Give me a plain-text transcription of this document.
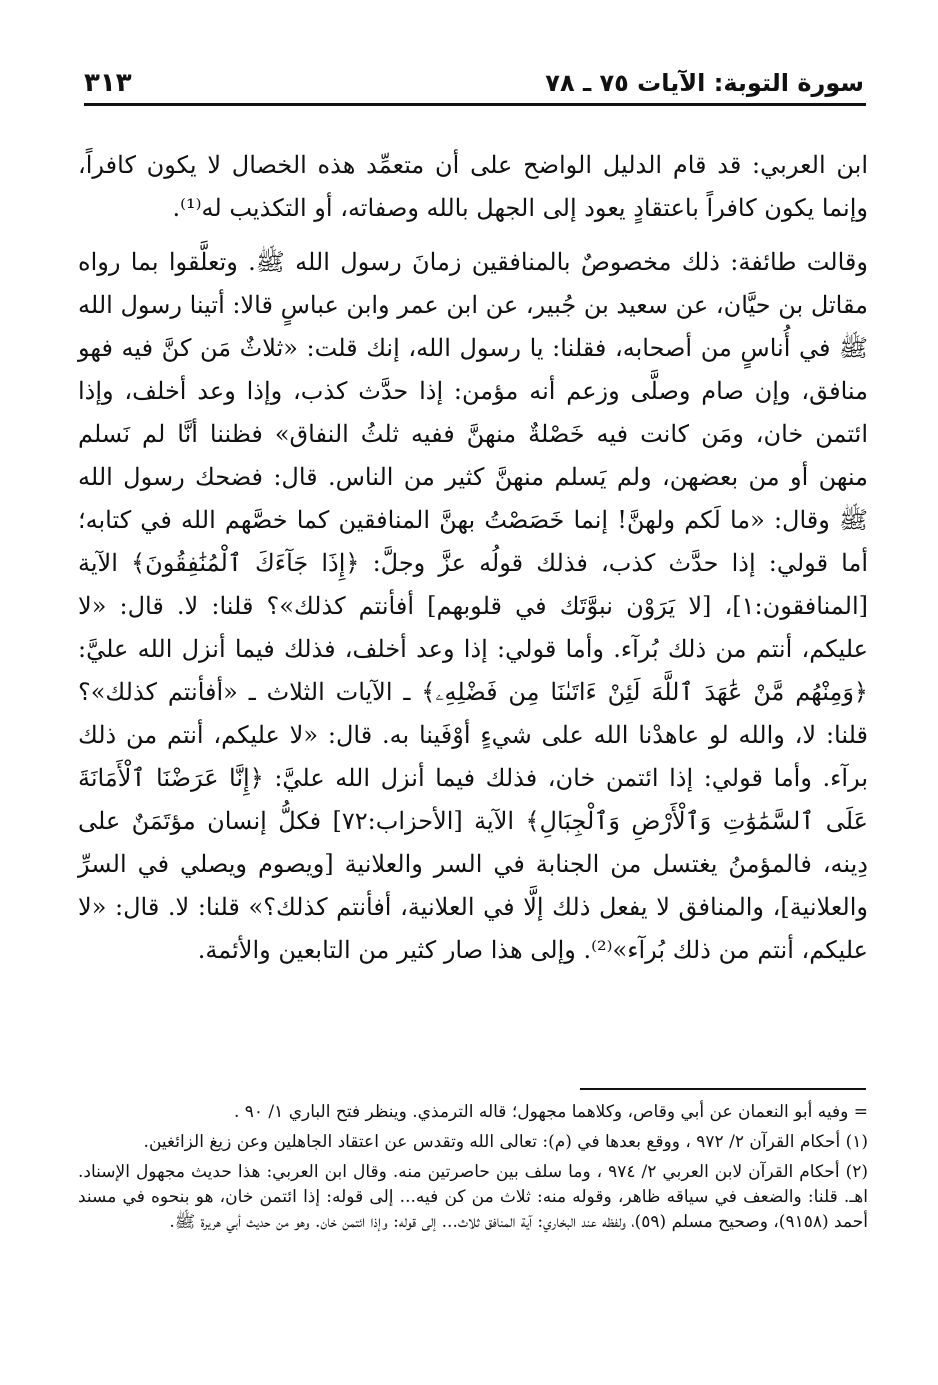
سورة التوبة: الآيات ٧٥ ـ ٧٨
٣١٣

ابن العربي: قد قام الدليل الواضح على أن متعمِّد هذه الخصال لا يكون كافراً، وإنما يكون كافراً باعتقادٍ يعود إلى الجهل بالله وصفاته، أو التكذيب له⁽¹⁾.

وقالت طائفة: ذلك مخصوصٌ بالمنافقين زمانَ رسول الله ﷺ. وتعلَّقوا بما رواه مقاتل بن حيَّان، عن سعيد بن جُبير، عن ابن عمر وابن عباسٍ قالا: أتينا رسول الله ﷺ في أُناسٍ من أصحابه، فقلنا: يا رسول الله، إنك قلت: «ثلاثٌ مَن كنَّ فيه فهو منافق، وإن صام وصلَّى وزعم أنه مؤمن: إذا حدَّث كذب، وإذا وعد أخلف، وإذا ائتمن خان، ومَن كانت فيه خَصْلةٌ منهنَّ ففيه ثلثُ النفاق» فظننا أنَّا لم نَسلم منهن أو من بعضهن، ولم يَسلم منهنَّ كثير من الناس. قال: فضحك رسول الله ﷺ وقال: «ما لَكم ولهنَّ! إنما خَصَصْتُ بهنَّ المنافقين كما خصَّهم الله في كتابه؛ أما قولي: إذا حدَّث كذب، فذلك قولُه عزَّ وجلَّ: ﴿إِذَا جَآءَكَ ٱلْمُنَٰفِقُونَ﴾ الآية [المنافقون:١]، [لا يَرَوْن نبوَّتَك في قلوبهم] أفأنتم كذلك»؟ قلنا: لا. قال: «لا عليكم، أنتم من ذلك بُرآء. وأما قولي: إذا وعد أخلف، فذلك فيما أنزل الله عليَّ: ﴿وَمِنْهُم مَّنْ عَٰهَدَ ٱللَّهَ لَئِنْ ءَاتَىٰنَا مِن فَضْلِهِۦ﴾ ـ الآيات الثلاث ـ «أفأنتم كذلك»؟ قلنا: لا، والله لو عاهدْنا الله على شيءٍ أوْفَينا به. قال: «لا عليكم، أنتم من ذلك برآء. وأما قولي: إذا ائتمن خان، فذلك فيما أنزل الله عليَّ: ﴿إِنَّا عَرَضْنَا ٱلْأَمَانَةَ عَلَى ٱلسَّمَٰوَٰتِ وَٱلْأَرْضِ وَٱلْجِبَالِ﴾ الآية [الأحزاب:٧٢] فكلُّ إنسان مؤتَمَنٌ على دِينه، فالمؤمنُ يغتسل من الجنابة في السر والعلانية [ويصوم ويصلي في السرِّ والعلانية]، والمنافق لا يفعل ذلك إلَّا في العلانية، أفأنتم كذلك؟» قلنا: لا. قال: «لا عليكم، أنتم من ذلك بُرآء»⁽²⁾. وإلى هذا صار كثير من التابعين والأئمة.

= وفيه أبو النعمان عن أبي وقاص، وكلاهما مجهول؛ قاله الترمذي. وينظر فتح الباري ١/ ٩٠ .

(١) أحكام القرآن ٢/ ٩٧٢ ، ووقع بعدها في (م): تعالى الله وتقدس عن اعتقاد الجاهلين وعن زيغ الزائغين.

(٢) أحكام القرآن لابن العربي ٢/ ٩٧٤ ، وما سلف بين حاصرتين منه. وقال ابن العربي: هذا حديث مجهول الإسناد. اهـ. قلنا: والضعف في سياقه ظاهر، وقوله منه: ثلاث من كن فيه... إلى قوله: إذا ائتمن خان، هو بنحوه في مسند أحمد (٩١٥٨)، وصحيح مسلم (٥٩)، ولفظه عند البخاري: آية المنافق ثلاث... إلى قوله: وإذا ائتمن خان. وهو من حديث أبي هريرة ﷺ.
